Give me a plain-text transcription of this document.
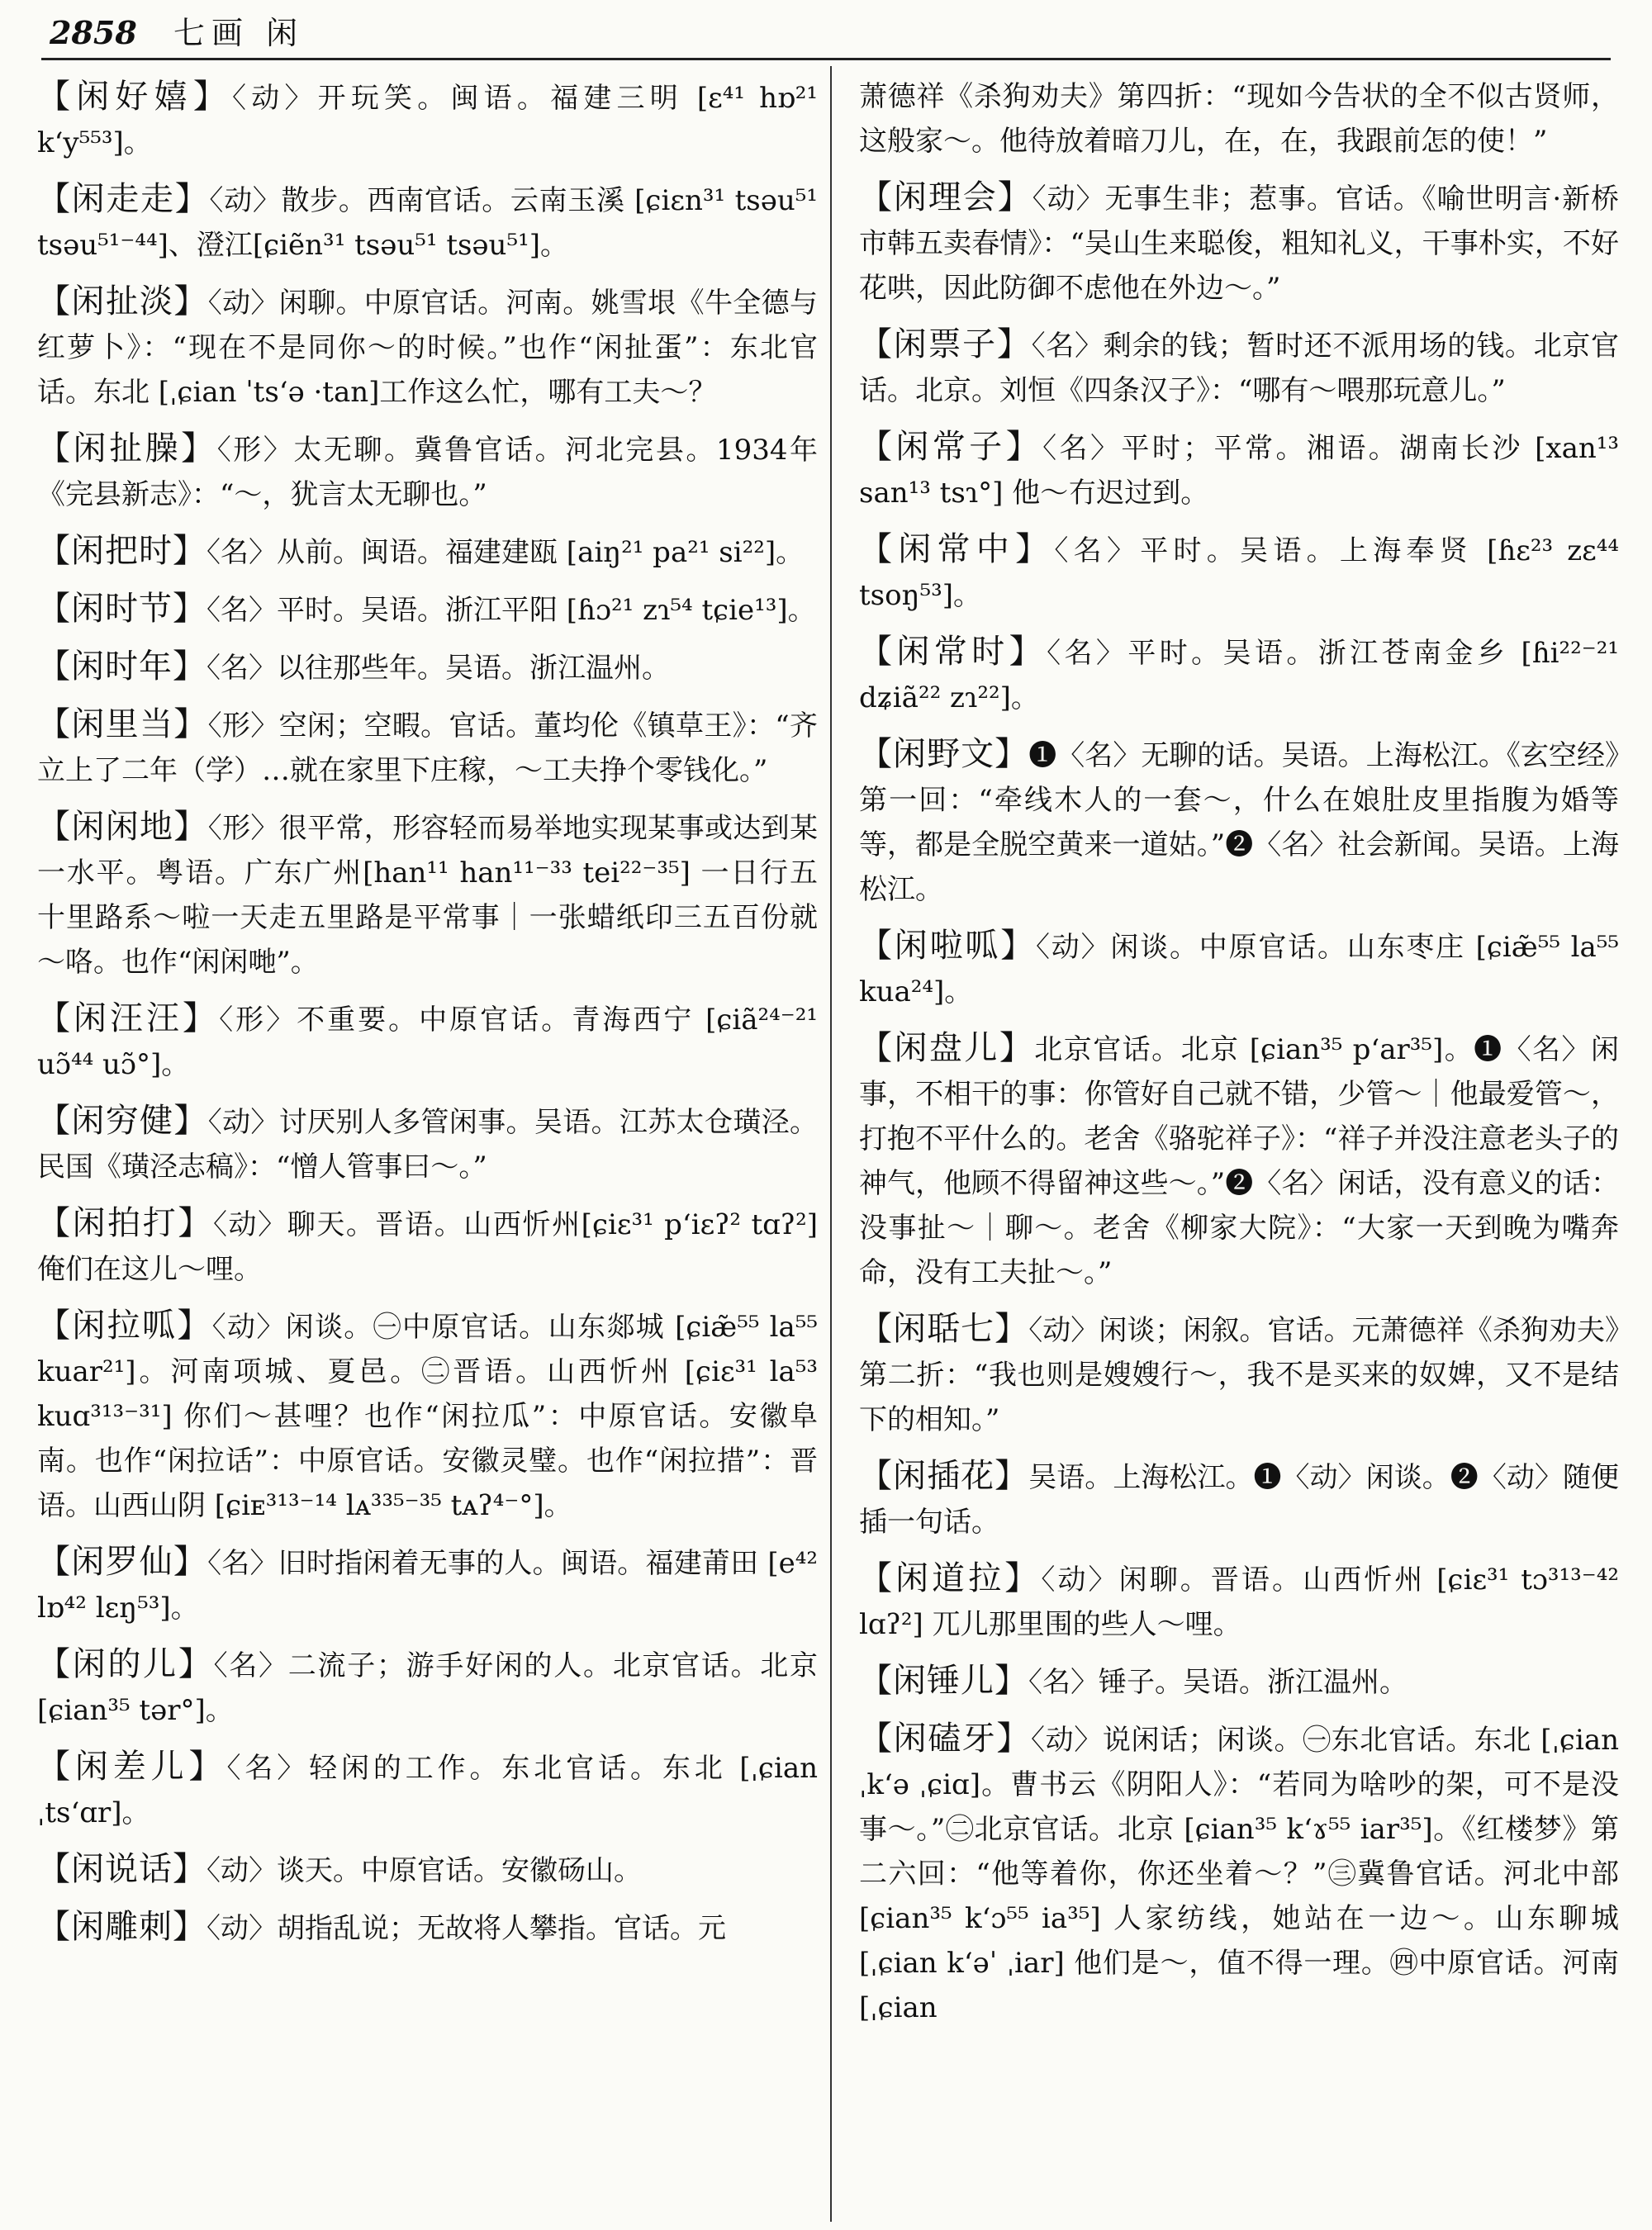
2858 七画 闲

【闲好嬉】〈动〉开玩笑。闽语。福建三明 [ɛ⁴¹ hɒ²¹ k‘y⁵⁵³]。

【闲走走】〈动〉散步。西南官话。云南玉溪 [ɕiɛn³¹ tsəu⁵¹ tsəu⁵¹⁻⁴⁴]、澄江[ɕiẽn³¹ tsəu⁵¹ tsəu⁵¹]。

【闲扯淡】〈动〉闲聊。中原官话。河南。姚雪垠《牛全德与红萝卜》：“现在不是同你～的时候。”也作“闲扯蛋”：东北官话。东北 [ˌɕian ˈts‘ə ·tan]工作这么忙，哪有工夫～？

【闲扯臊】〈形〉太无聊。冀鲁官话。河北完县。1934年《完县新志》：“～，犹言太无聊也。”

【闲把时】〈名〉从前。闽语。福建建瓯 [aiŋ²¹ pa²¹ si²²]。

【闲时节】〈名〉平时。吴语。浙江平阳 [ɦɔ²¹ zɿ⁵⁴ tɕie¹³]。

【闲时年】〈名〉以往那些年。吴语。浙江温州。

【闲里当】〈形〉空闲；空暇。官话。董均伦《镇草王》：“齐立上了二年（学）…就在家里下庄稼，～工夫挣个零钱化。”

【闲闲地】〈形〉很平常，形容轻而易举地实现某事或达到某一水平。粤语。广东广州[han¹¹ han¹¹⁻³³ tei²²⁻³⁵] 一日行五十里路系～啦一天走五里路是平常事｜一张蜡纸印三五百份就～咯。也作“闲闲哋”。

【闲汪汪】〈形〉不重要。中原官话。青海西宁 [ɕiã²⁴⁻²¹ uɔ̃⁴⁴ uɔ̃°]。

【闲穷健】〈动〉讨厌别人多管闲事。吴语。江苏太仓璜泾。民国《璜泾志稿》：“憎人管事曰～。”

【闲拍打】〈动〉聊天。晋语。山西忻州[ɕiɛ³¹ p‘iɛʔ² tɑʔ²] 俺们在这儿～哩。

【闲拉呱】〈动〉闲谈。㊀中原官话。山东郯城 [ɕiæ̃⁵⁵ la⁵⁵ kuar²¹]。河南项城、夏邑。㊁晋语。山西忻州 [ɕiɛ³¹ la⁵³ kuɑ³¹³⁻³¹] 你们～甚哩？也作“闲拉瓜”：中原官话。安徽阜南。也作“闲拉话”：中原官话。安徽灵璧。也作“闲拉措”：晋语。山西山阴 [ɕiᴇ³¹³⁻¹⁴ lᴀ³³⁵⁻³⁵ tᴀʔ⁴⁻°]。

【闲罗仙】〈名〉旧时指闲着无事的人。闽语。福建莆田 [e⁴² lɒ⁴² lɛŋ⁵³]。

【闲的儿】〈名〉二流子；游手好闲的人。北京官话。北京 [ɕian³⁵ tər°]。

【闲差儿】〈名〉轻闲的工作。东北官话。东北 [ˌɕian ˌts‘ɑr]。

【闲说话】〈动〉谈天。中原官话。安徽砀山。

【闲雕刺】〈动〉胡指乱说；无故将人攀指。官话。元

萧德祥《杀狗劝夫》第四折：“现如今告状的全不似古贤师，这般家～。他待放着暗刀儿，在，在，我跟前怎的使！”

【闲理会】〈动〉无事生非；惹事。官话。《喻世明言·新桥市韩五卖春情》：“吴山生来聪俊，粗知礼义，干事朴实，不好花哄，因此防御不虑他在外边～。”

【闲票子】〈名〉剩余的钱；暂时还不派用场的钱。北京官话。北京。刘恒《四条汉子》：“哪有～喂那玩意儿。”

【闲常子】〈名〉平时；平常。湘语。湖南长沙 [xan¹³ san¹³ tsɿ°] 他～冇迟过到。

【闲常中】〈名〉平时。吴语。上海奉贤 [ɦɛ²³ zɛ⁴⁴ tsoŋ⁵³]。

【闲常时】〈名〉平时。吴语。浙江苍南金乡 [ɦi²²⁻²¹ dʑiã²² zɿ²²]。

【闲野文】❶〈名〉无聊的话。吴语。上海松江。《玄空经》第一回：“牵线木人的一套～，什么在娘肚皮里指腹为婚等等，都是全脱空黄来一道姑。”❷〈名〉社会新闻。吴语。上海松江。

【闲啦呱】〈动〉闲谈。中原官话。山东枣庄 [ɕiæ̃⁵⁵ la⁵⁵ kua²⁴]。

【闲盘儿】北京官话。北京 [ɕian³⁵ p‘ar³⁵]。❶〈名〉闲事，不相干的事：你管好自己就不错，少管～｜他最爱管～，打抱不平什么的。老舍《骆驼祥子》：“祥子并没注意老头子的神气，他顾不得留神这些～。”❷〈名〉闲话，没有意义的话：没事扯～｜聊～。老舍《柳家大院》：“大家一天到晚为嘴奔命，没有工夫扯～。”

【闲聒七】〈动〉闲谈；闲叙。官话。元萧德祥《杀狗劝夫》第二折：“我也则是嫂嫂行～，我不是买来的奴婢，又不是结下的相知。”

【闲插花】吴语。上海松江。❶〈动〉闲谈。❷〈动〉随便插一句话。

【闲道拉】〈动〉闲聊。晋语。山西忻州 [ɕiɛ³¹ tɔ³¹³⁻⁴² lɑʔ²] 兀儿那里围的些人～哩。

【闲锤儿】〈名〉锤子。吴语。浙江温州。

【闲磕牙】〈动〉说闲话；闲谈。㊀东北官话。东北 [ˌɕian ˌk‘ə ˌɕiɑ]。曹书云《阴阳人》：“若同为啥吵的架，可不是没事～。”㊁北京官话。北京 [ɕian³⁵ k‘ɤ⁵⁵ iar³⁵]。《红楼梦》第二六回：“他等着你，你还坐着～？”㊂冀鲁官话。河北中部 [ɕian³⁵ k‘ɔ⁵⁵ ia³⁵] 人家纺线，她站在一边～。山东聊城 [ˌɕian k‘əˈ ˌiar] 他们是～，值不得一理。㊃中原官话。河南 [ˌɕian
